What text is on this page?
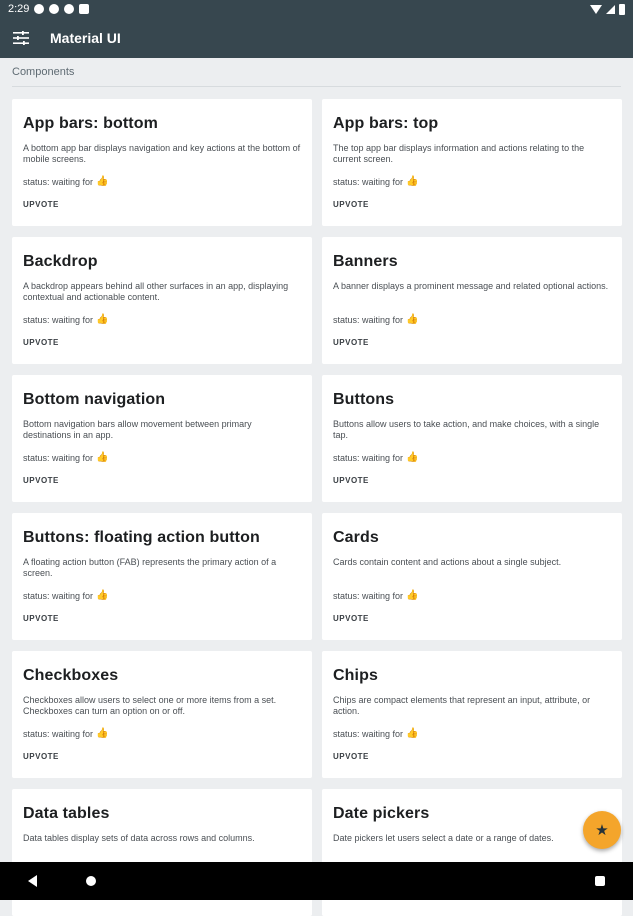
2:29
Material UI
Components
App bars: bottom
A bottom app bar displays navigation and key actions at the bottom of mobile screens.
status: waiting for 👍
UPVOTE
App bars: top
The top app bar displays information and actions relating to the current screen.
status: waiting for 👍
UPVOTE
Backdrop
A backdrop appears behind all other surfaces in an app, displaying contextual and actionable content.
status: waiting for 👍
UPVOTE
Banners
A banner displays a prominent message and related optional actions.
status: waiting for 👍
UPVOTE
Bottom navigation
Bottom navigation bars allow movement between primary destinations in an app.
status: waiting for 👍
UPVOTE
Buttons
Buttons allow users to take action, and make choices, with a single tap.
status: waiting for 👍
UPVOTE
Buttons: floating action button
A floating action button (FAB) represents the primary action of a screen.
status: waiting for 👍
UPVOTE
Cards
Cards contain content and actions about a single subject.
status: waiting for 👍
UPVOTE
Checkboxes
Checkboxes allow users to select one or more items from a set. Checkboxes can turn an option on or off.
status: waiting for 👍
UPVOTE
Chips
Chips are compact elements that represent an input, attribute, or action.
status: waiting for 👍
UPVOTE
Data tables
Data tables display sets of data across rows and columns.
Date pickers
Date pickers let users select a date or a range of dates.	★
